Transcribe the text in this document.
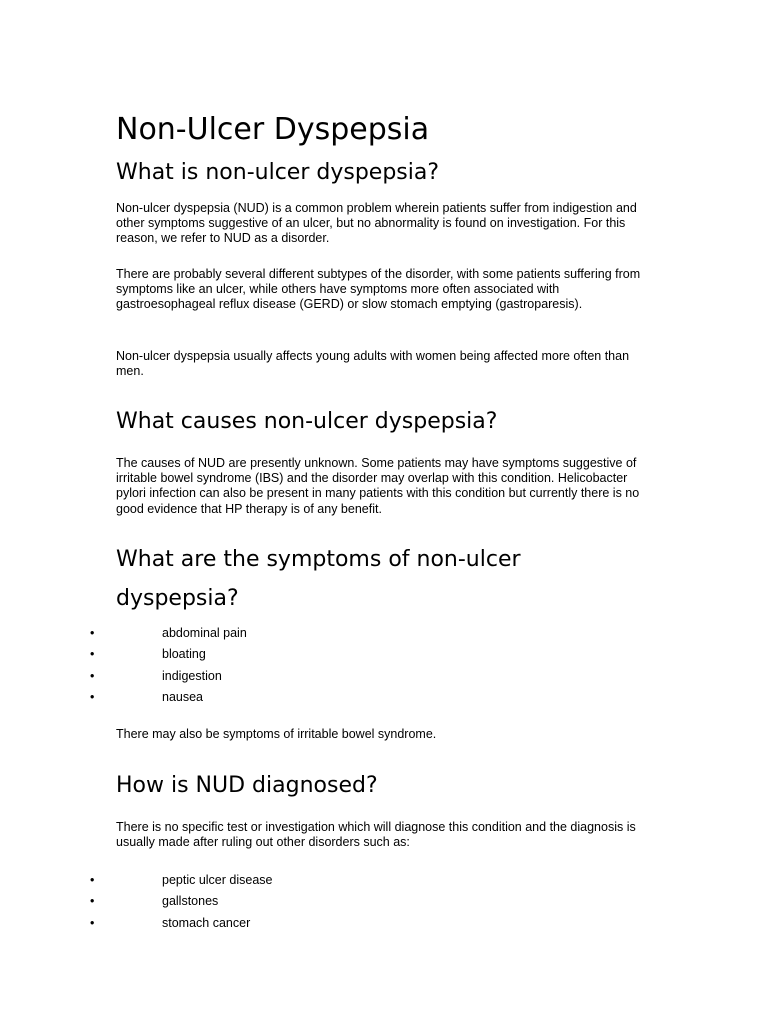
Non-Ulcer Dyspepsia
What is non-ulcer dyspepsia?

Non-ulcer dyspepsia (NUD) is a common problem wherein patients suffer from indigestion and other symptoms suggestive of an ulcer, but no abnormality is found on investigation. For this reason, we refer to NUD as a disorder.

There are probably several different subtypes of the disorder, with some patients suffering from symptoms like an ulcer, while others have symptoms more often associated with gastroesophageal reflux disease (GERD) or slow stomach emptying (gastroparesis).

Non-ulcer dyspepsia usually affects young adults with women being affected more often than men.

What causes non-ulcer dyspepsia?

The causes of NUD are presently unknown. Some patients may have symptoms suggestive of irritable bowel syndrome (IBS) and the disorder may overlap with this condition. Helicobacter pylori infection can also be present in many patients with this condition but currently there is no good evidence that HP therapy is of any benefit.

What are the symptoms of non-ulcer
dyspepsia?
•	abdominal pain
•	bloating
•	indigestion
•	nausea

There may also be symptoms of irritable bowel syndrome.

How is NUD diagnosed?

There is no specific test or investigation which will diagnose this condition and the diagnosis is usually made after ruling out other disorders such as:

•	peptic ulcer disease
•	gallstones
•	stomach cancer
